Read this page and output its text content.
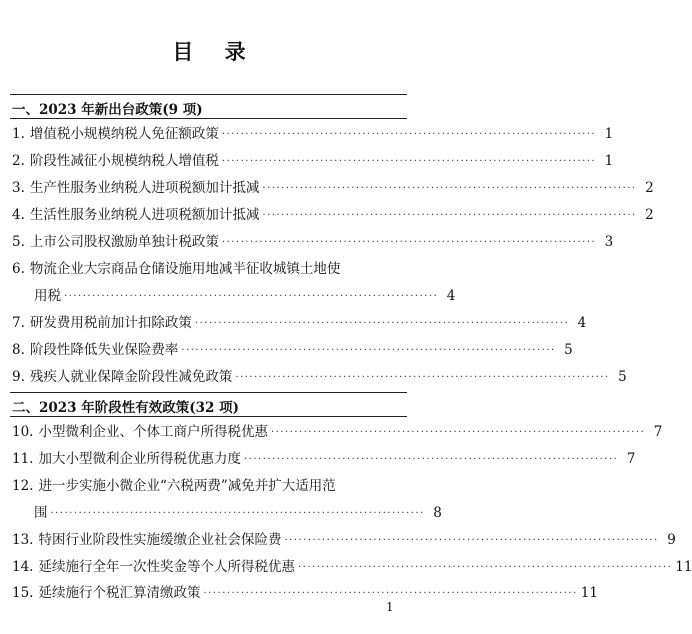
目 录
一、2023 年新出台政策(9 项)
1. 增值税小规模纳税人免征额政策 ················································································ 1
2. 阶段性减征小规模纳税人增值税 ················································································ 1
3. 生产性服务业纳税人进项税额加计抵减 ················································································ 2
4. 生活性服务业纳税人进项税额加计抵减 ················································································ 2
5. 上市公司股权激励单独计税政策 ················································································ 3
6. 物流企业大宗商品仓储设施用地减半征收城镇土地使
用税 ················································································ 4
7. 研发费用税前加计扣除政策 ················································································ 4
8. 阶段性降低失业保险费率 ················································································ 5
9. 残疾人就业保障金阶段性减免政策 ················································································ 5
二、2023 年阶段性有效政策(32 项)
10. 小型微利企业、个体工商户所得税优惠 ················································································ 7
11. 加大小型微利企业所得税优惠力度 ················································································ 7
12. 进一步实施小微企业“六税两费”减免并扩大适用范
围 ················································································ 8
13. 特困行业阶段性实施缓缴企业社会保险费 ················································································ 9
14. 延续施行全年一次性奖金等个人所得税优惠 ················································································ 11
15. 延续施行个税汇算清缴政策 ················································································ 11
1
